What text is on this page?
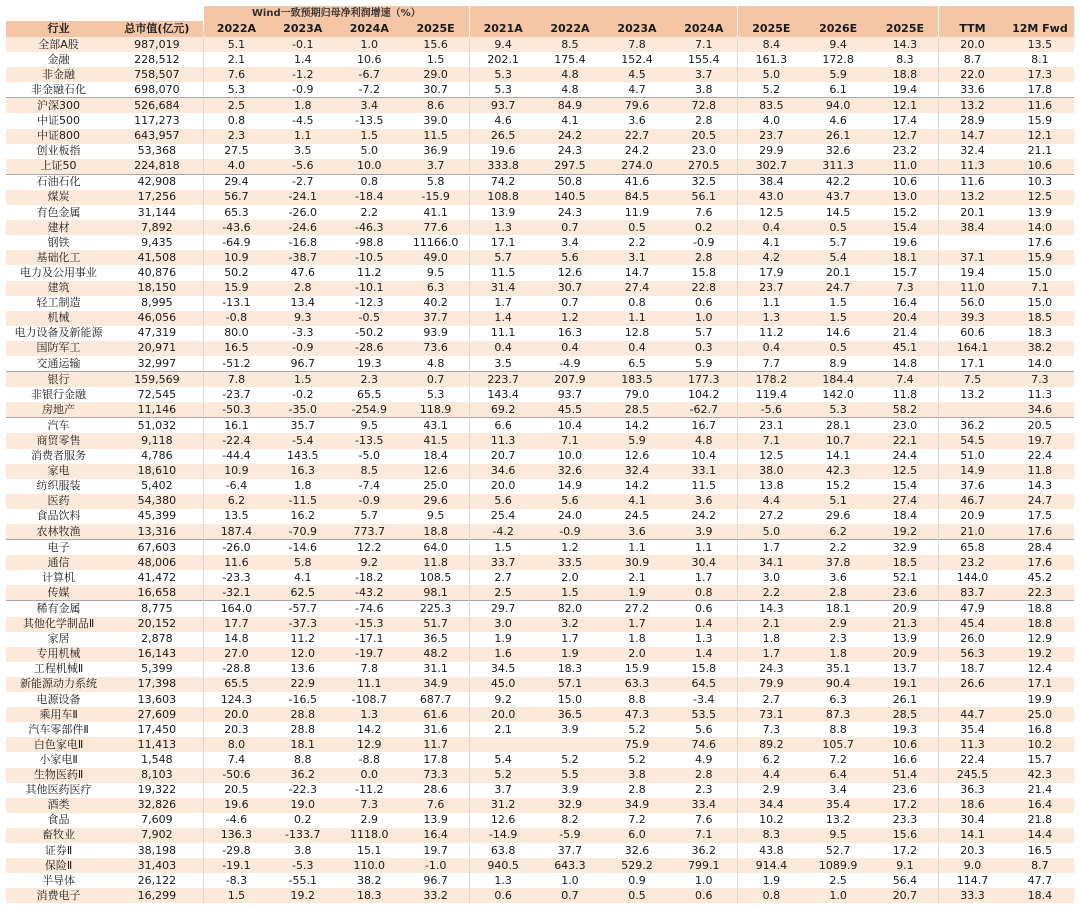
		Wind一致预期归母净利润增速（%）												
行业	总市值(亿元)	2022A	2023A	2024A	2025E	2021A	2022A	2023A	2024A	2025E	2026E	2025E	TTM	12M Fwd
全部A股	987,019	5.1	-0.1	1.0	15.6	9.4	8.5	7.8	7.1	8.4	9.4	14.3	20.0	13.5
金融	228,512	2.1	1.4	10.6	1.5	202.1	175.4	152.4	155.4	161.3	172.8	8.3	8.7	8.1
非金融	758,507	7.6	-1.2	-6.7	29.0	5.3	4.8	4.5	3.7	5.0	5.9	18.8	22.0	17.3
非金融石化	698,070	5.3	-0.9	-7.2	30.7	5.3	4.8	4.7	3.8	5.2	6.1	19.4	33.6	17.8
沪深300	526,684	2.5	1.8	3.4	8.6	93.7	84.9	79.6	72.8	83.5	94.0	12.1	13.2	11.6
中证500	117,273	0.8	-4.5	-13.5	39.0	4.6	4.1	3.6	2.8	4.0	4.6	17.4	28.9	15.9
中证800	643,957	2.3	1.1	1.5	11.5	26.5	24.2	22.7	20.5	23.7	26.1	12.7	14.7	12.1
创业板指	53,368	27.5	3.5	5.0	36.9	19.6	24.3	24.2	23.0	29.9	32.6	23.2	32.4	21.1
上证50	224,818	4.0	-5.6	10.0	3.7	333.8	297.5	274.0	270.5	302.7	311.3	11.0	11.3	10.6
石油石化	42,908	29.4	-2.7	0.8	5.8	74.2	50.8	41.6	32.5	38.4	42.2	10.6	11.6	10.3
煤炭	17,256	56.7	-24.1	-18.4	-15.9	108.8	140.5	84.5	56.1	43.0	43.7	13.0	13.2	12.5
有色金属	31,144	65.3	-26.0	2.2	41.1	13.9	24.3	11.9	7.6	12.5	14.5	15.2	20.1	13.9
建材	7,892	-43.6	-24.6	-46.3	77.6	1.3	0.7	0.5	0.2	0.4	0.5	15.4	38.4	14.0
钢铁	9,435	-64.9	-16.8	-98.8	11166.0	17.1	3.4	2.2	-0.9	4.1	5.7	19.6		17.6
基础化工	41,508	10.9	-38.7	-10.5	49.0	5.7	5.6	3.1	2.8	4.2	5.4	18.1	37.1	15.9
电力及公用事业	40,876	50.2	47.6	11.2	9.5	11.5	12.6	14.7	15.8	17.9	20.1	15.7	19.4	15.0
建筑	18,150	15.9	2.8	-10.1	6.3	31.4	30.7	27.4	22.8	23.7	24.7	7.3	11.0	7.1
轻工制造	8,995	-13.1	13.4	-12.3	40.2	1.7	0.7	0.8	0.6	1.1	1.5	16.4	56.0	15.0
机械	46,056	-0.8	9.3	-0.5	37.7	1.4	1.2	1.1	1.0	1.3	1.5	20.4	39.3	18.5
电力设备及新能源	47,319	80.0	-3.3	-50.2	93.9	11.1	16.3	12.8	5.7	11.2	14.6	21.4	60.6	18.3
国防军工	20,971	16.5	-0.9	-28.6	73.6	0.4	0.4	0.4	0.3	0.4	0.5	45.1	164.1	38.2
交通运输	32,997	-51.2	96.7	19.3	4.8	3.5	-4.9	6.5	5.9	7.7	8.9	14.8	17.1	14.0
银行	159,569	7.8	1.5	2.3	0.7	223.7	207.9	183.5	177.3	178.2	184.4	7.4	7.5	7.3
非银行金融	72,545	-23.7	-0.2	65.5	5.3	143.4	93.7	79.0	104.2	119.4	142.0	11.8	13.2	11.3
房地产	11,146	-50.3	-35.0	-254.9	118.9	69.2	45.5	28.5	-62.7	-5.6	5.3	58.2		34.6
汽车	51,032	16.1	35.7	9.5	43.1	6.6	10.4	14.2	16.7	23.1	28.1	23.0	36.2	20.5
商贸零售	9,118	-22.4	-5.4	-13.5	41.5	11.3	7.1	5.9	4.8	7.1	10.7	22.1	54.5	19.7
消费者服务	4,786	-44.4	143.5	-5.0	18.4	20.7	10.0	12.6	10.4	12.5	14.1	24.4	51.0	22.4
家电	18,610	10.9	16.3	8.5	12.6	34.6	32.6	32.4	33.1	38.0	42.3	12.5	14.9	11.8
纺织服装	5,402	-6.4	1.8	-7.4	25.0	20.0	14.9	14.2	11.5	13.8	15.2	15.4	37.6	14.3
医药	54,380	6.2	-11.5	-0.9	29.6	5.6	5.6	4.1	3.6	4.4	5.1	27.4	46.7	24.7
食品饮料	45,399	13.5	16.2	5.7	9.5	25.4	24.0	24.5	24.2	27.2	29.6	18.4	20.9	17.5
农林牧渔	13,316	187.4	-70.9	773.7	18.8	-4.2	-0.9	3.6	3.9	5.0	6.2	19.2	21.0	17.6
电子	67,603	-26.0	-14.6	12.2	64.0	1.5	1.2	1.1	1.1	1.7	2.2	32.9	65.8	28.4
通信	48,006	11.6	5.8	9.2	11.8	33.7	33.5	30.9	30.4	34.1	37.8	18.5	23.2	17.6
计算机	41,472	-23.3	4.1	-18.2	108.5	2.7	2.0	2.1	1.7	3.0	3.6	52.1	144.0	45.2
传媒	16,658	-32.1	62.5	-43.2	98.1	2.5	1.5	1.9	0.8	2.2	2.8	23.6	83.7	22.3
稀有金属	8,775	164.0	-57.7	-74.6	225.3	29.7	82.0	27.2	0.6	14.3	18.1	20.9	47.9	18.8
其他化学制品Ⅱ	20,152	17.7	-37.3	-15.3	51.7	3.0	3.2	1.7	1.4	2.1	2.9	21.3	45.4	18.8
家居	2,878	14.8	11.2	-17.1	36.5	1.9	1.7	1.8	1.3	1.8	2.3	13.9	26.0	12.9
专用机械	16,143	27.0	12.0	-19.7	48.2	1.6	1.9	2.0	1.4	1.7	1.8	20.9	56.3	19.2
工程机械Ⅱ	5,399	-28.8	13.6	7.8	31.1	34.5	18.3	15.9	15.8	24.3	35.1	13.7	18.7	12.4
新能源动力系统	17,398	65.5	22.9	11.1	34.9	45.0	57.1	63.3	64.5	79.9	90.4	19.1	26.6	17.1
电源设备	13,603	124.3	-16.5	-108.7	687.7	9.2	15.0	8.8	-3.4	2.7	6.3	26.1		19.9
乘用车Ⅱ	27,609	20.0	28.8	1.3	61.6	20.0	36.5	47.3	53.5	73.1	87.3	28.5	44.7	25.0
汽车零部件Ⅱ	17,450	20.3	28.8	14.2	31.6	2.1	3.9	5.2	5.6	7.3	8.8	19.3	35.4	16.8
白色家电Ⅱ	11,413	8.0	18.1	12.9	11.7			75.9	74.6	89.2	105.7	10.6	11.3	10.2
小家电Ⅱ	1,548	7.4	8.8	-8.8	17.8	5.4	5.2	5.2	4.9	6.2	7.2	16.6	22.4	15.7
生物医药Ⅱ	8,103	-50.6	36.2	0.0	73.3	5.2	5.5	3.8	2.8	4.4	6.4	51.4	245.5	42.3
其他医药医疗	19,322	20.5	-22.3	-11.2	28.6	3.7	3.9	2.8	2.3	2.9	3.4	23.6	36.3	21.4
酒类	32,826	19.6	19.0	7.3	7.6	31.2	32.9	34.9	33.4	34.4	35.4	17.2	18.6	16.4
食品	7,609	-4.6	0.2	2.9	13.9	12.6	8.2	7.2	7.6	10.2	13.2	23.3	30.4	21.8
畜牧业	7,902	136.3	-133.7	1118.0	16.4	-14.9	-5.9	6.0	7.1	8.3	9.5	15.6	14.1	14.4
证券Ⅱ	38,198	-29.8	3.8	15.1	19.7	63.8	37.7	32.6	36.2	43.8	52.7	17.2	20.3	16.5
保险Ⅱ	31,403	-19.1	-5.3	110.0	-1.0	940.5	643.3	529.2	799.1	914.4	1089.9	9.1	9.0	8.7
半导体	26,122	-8.3	-55.1	38.2	96.7	1.3	1.0	0.9	1.0	1.9	2.5	56.4	114.7	47.7
消费电子	16,299	1.5	19.2	18.3	33.2	0.6	0.7	0.5	0.6	0.8	1.0	20.7	33.3	18.4
